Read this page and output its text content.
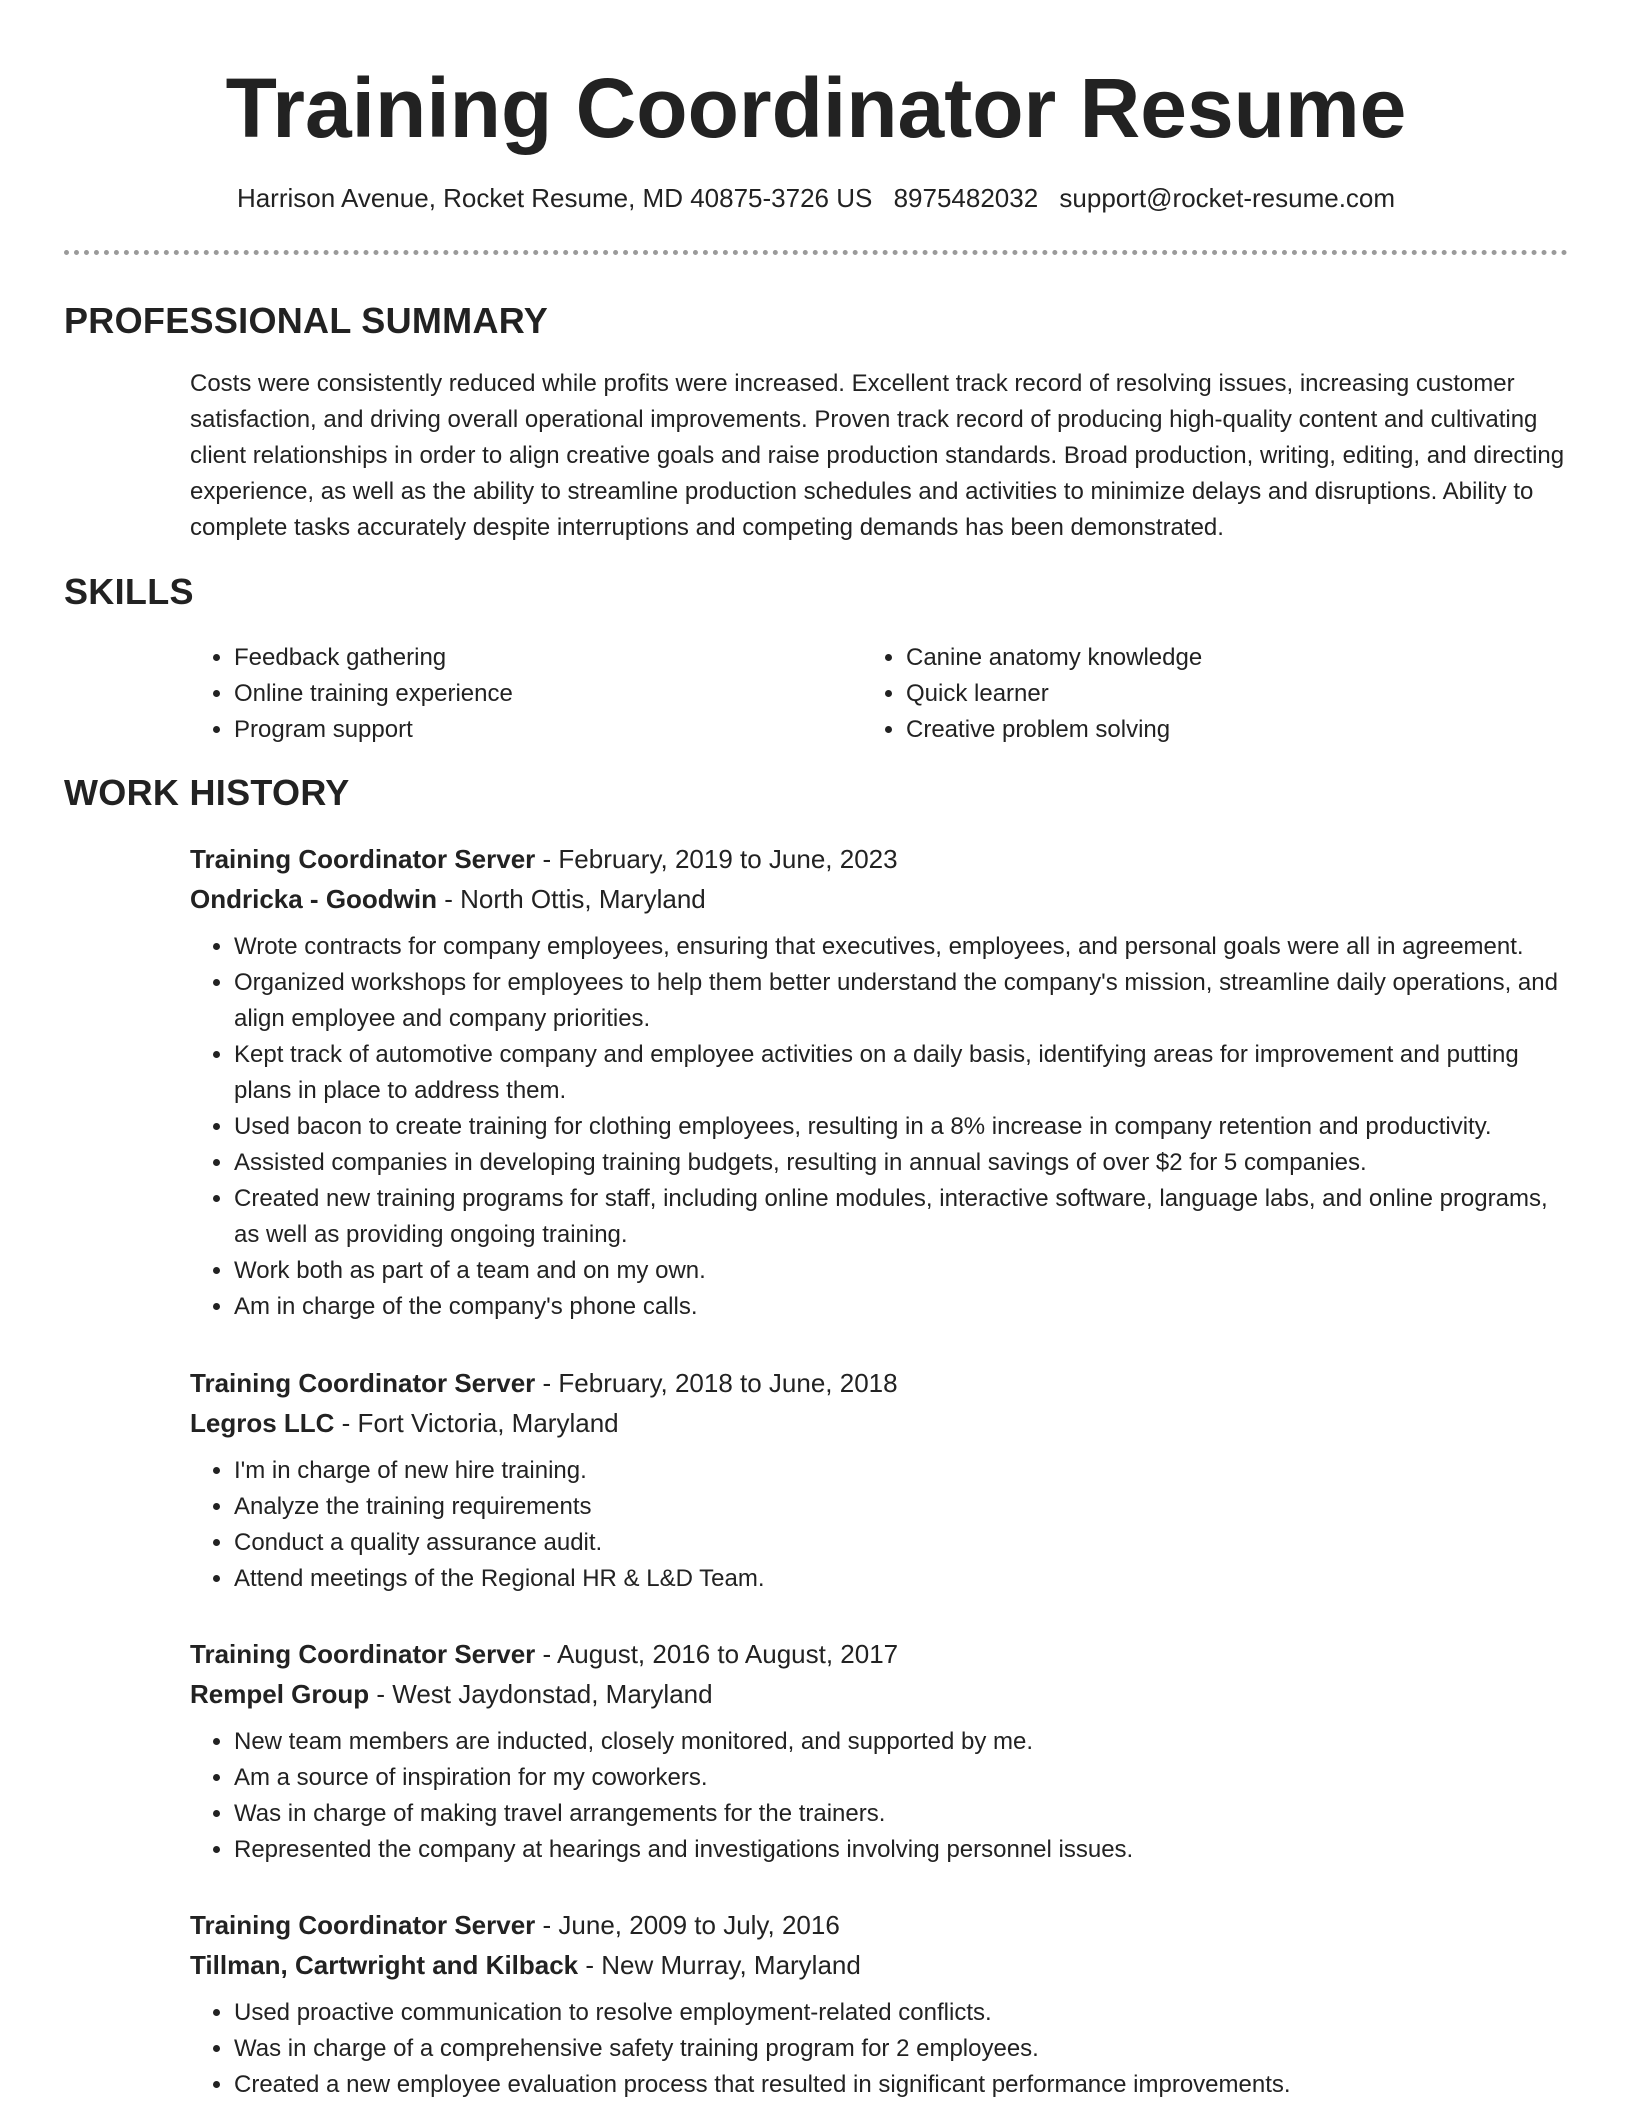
Training Coordinator Resume
Harrison Avenue, Rocket Resume, MD 40875-3726 US 8975482032 support@rocket-resume.com
PROFESSIONAL SUMMARY

Costs were consistently reduced while profits were increased. Excellent track record of resolving issues, increasing customer satisfaction, and driving overall operational improvements. Proven track record of producing high-quality content and cultivating client relationships in order to align creative goals and raise production standards. Broad production, writing, editing, and directing experience, as well as the ability to streamline production schedules and activities to minimize delays and disruptions. Ability to complete tasks accurately despite interruptions and competing demands has been demonstrated.

SKILLS
• Feedback gathering
• Online training experience
• Program support
• Canine anatomy knowledge
• Quick learner
• Creative problem solving
WORK HISTORY

Training Coordinator Server - February, 2019 to June, 2023

Ondricka - Goodwin - North Ottis, Maryland

• Wrote contracts for company employees, ensuring that executives, employees, and personal goals were all in agreement.
• Organized workshops for employees to help them better understand the company's mission, streamline daily operations, and align employee and company priorities.
• Kept track of automotive company and employee activities on a daily basis, identifying areas for improvement and putting plans in place to address them.
• Used bacon to create training for clothing employees, resulting in a 8% increase in company retention and productivity.
• Assisted companies in developing training budgets, resulting in annual savings of over $2 for 5 companies.
• Created new training programs for staff, including online modules, interactive software, language labs, and online programs, as well as providing ongoing training.
• Work both as part of a team and on my own.
• Am in charge of the company's phone calls.

Training Coordinator Server - February, 2018 to June, 2018

Legros LLC - Fort Victoria, Maryland

• I'm in charge of new hire training.
• Analyze the training requirements
• Conduct a quality assurance audit.
• Attend meetings of the Regional HR & L&D Team.

Training Coordinator Server - August, 2016 to August, 2017

Rempel Group - West Jaydonstad, Maryland

• New team members are inducted, closely monitored, and supported by me.
• Am a source of inspiration for my coworkers.
• Was in charge of making travel arrangements for the trainers.
• Represented the company at hearings and investigations involving personnel issues.

Training Coordinator Server - June, 2009 to July, 2016

Tillman, Cartwright and Kilback - New Murray, Maryland

• Used proactive communication to resolve employment-related conflicts.
• Was in charge of a comprehensive safety training program for 2 employees.
• Created a new employee evaluation process that resulted in significant performance improvements.
